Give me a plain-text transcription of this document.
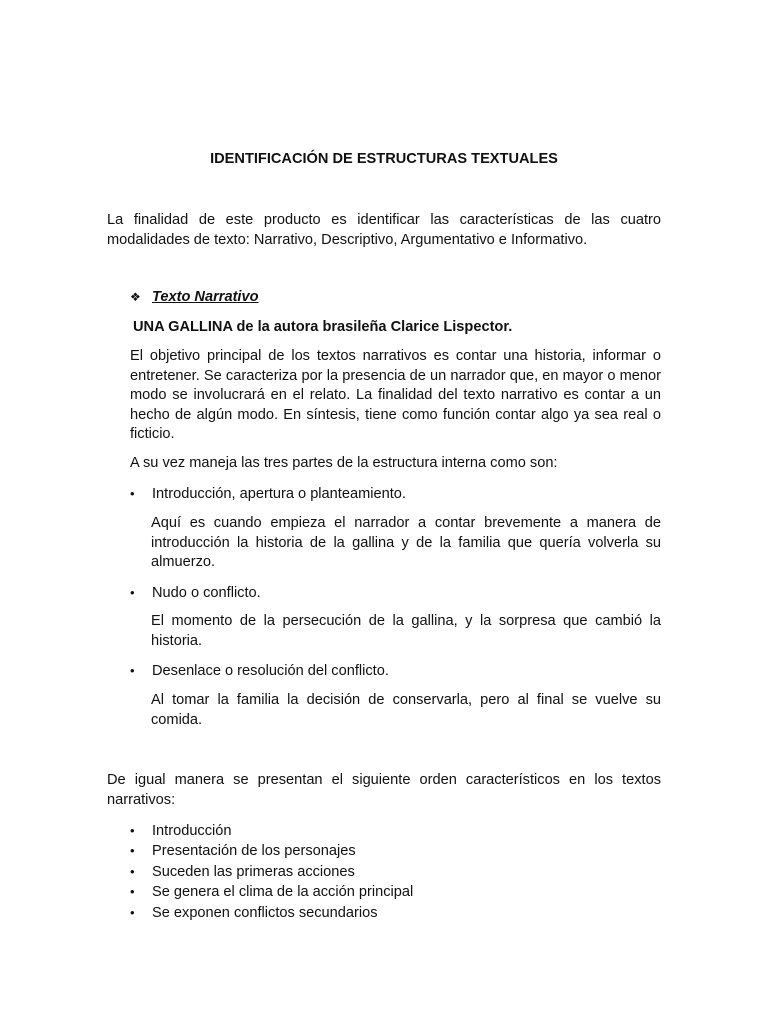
IDENTIFICACIÓN DE ESTRUCTURAS TEXTUALES

La finalidad de este producto es identificar las características de las cuatro modalidades de texto: Narrativo, Descriptivo, Argumentativo e Informativo.

❖ Texto Narrativo
UNA GALLINA de la autora brasileña Clarice Lispector.

El objetivo principal de los textos narrativos es contar una historia, informar o entretener. Se caracteriza por la presencia de un narrador que, en mayor o menor modo se involucrará en el relato. La finalidad del texto narrativo es contar a un hecho de algún modo. En síntesis, tiene como función contar algo ya sea real o ficticio.

A su vez maneja las tres partes de la estructura interna como son:

•	Introducción, apertura o planteamiento.

Aquí es cuando empieza el narrador a contar brevemente a manera de introducción la historia de la gallina y de la familia que quería volverla su almuerzo.

•	Nudo o conflicto.

El momento de la persecución de la gallina, y la sorpresa que cambió la historia.

•	Desenlace o resolución del conflicto.

Al tomar la familia la decisión de conservarla, pero al final se vuelve su comida.

De igual manera se presentan el siguiente orden característicos en los textos narrativos:

•	Introducción
•	Presentación de los personajes
•	Suceden las primeras acciones
•	Se genera el clima de la acción principal
•	Se exponen conflictos secundarios
